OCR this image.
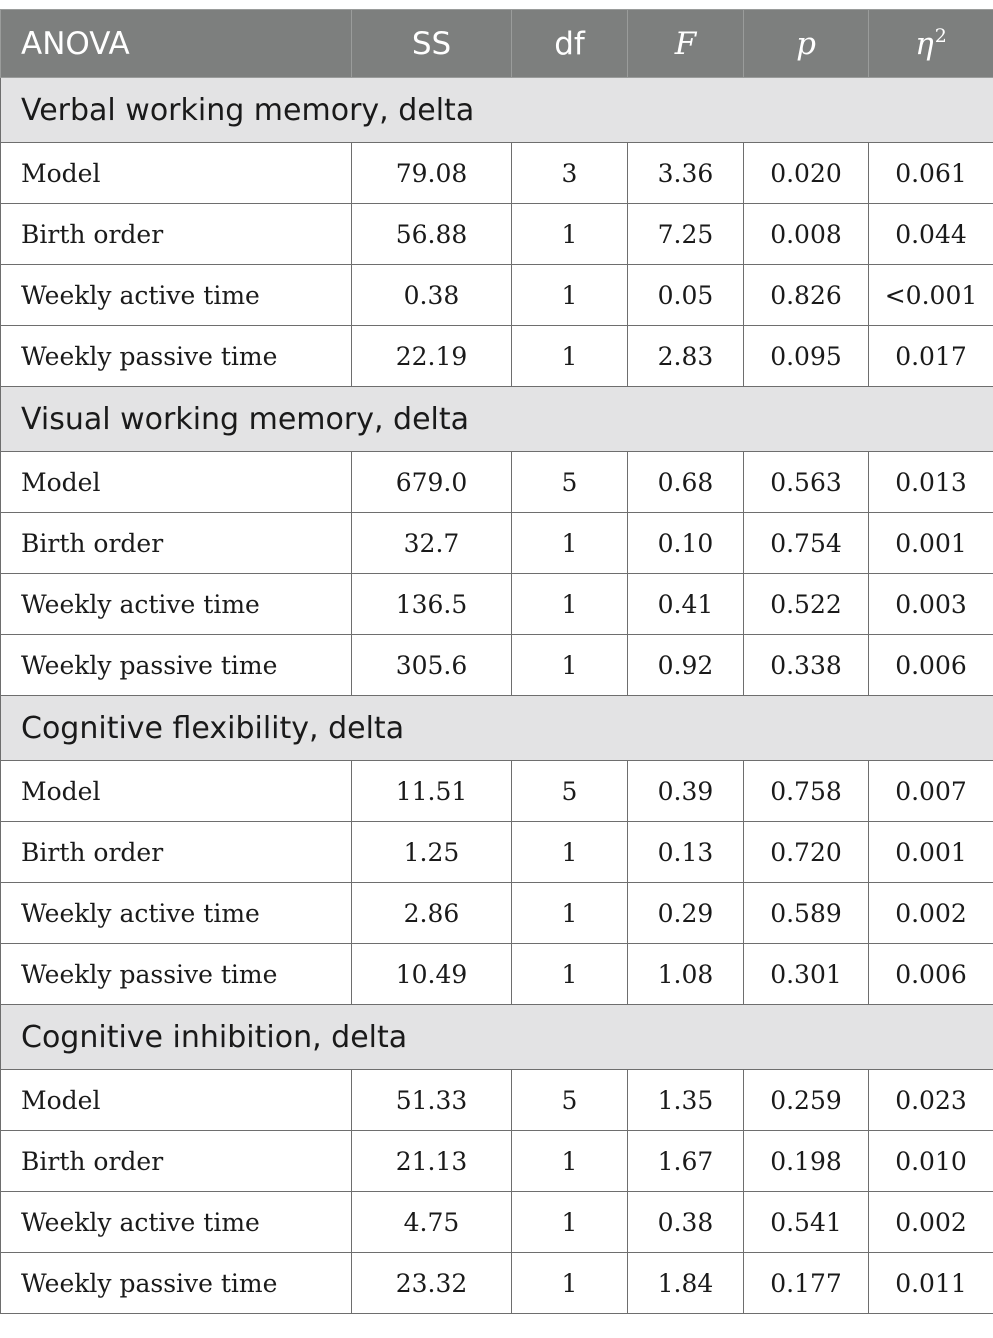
ANOVA	SS	df	F	p	$\eta^2$
Verbal working memory, delta					
Model	79.08	3	3.36	0.020	0.061
Birth order	56.88	1	7.25	0.008	0.044
Weekly active time	0.38	1	0.05	0.826	<0.001
Weekly passive time	22.19	1	2.83	0.095	0.017
Visual working memory, delta					
Model	679.0	5	0.68	0.563	0.013
Birth order	32.7	1	0.10	0.754	0.001
Weekly active time	136.5	1	0.41	0.522	0.003
Weekly passive time	305.6	1	0.92	0.338	0.006
Cognitive flexibility, delta					
Model	11.51	5	0.39	0.758	0.007
Birth order	1.25	1	0.13	0.720	0.001
Weekly active time	2.86	1	0.29	0.589	0.002
Weekly passive time	10.49	1	1.08	0.301	0.006
Cognitive inhibition, delta					
Model	51.33	5	1.35	0.259	0.023
Birth order	21.13	1	1.67	0.198	0.010
Weekly active time	4.75	1	0.38	0.541	0.002
Weekly passive time	23.32	1	1.84	0.177	0.011
